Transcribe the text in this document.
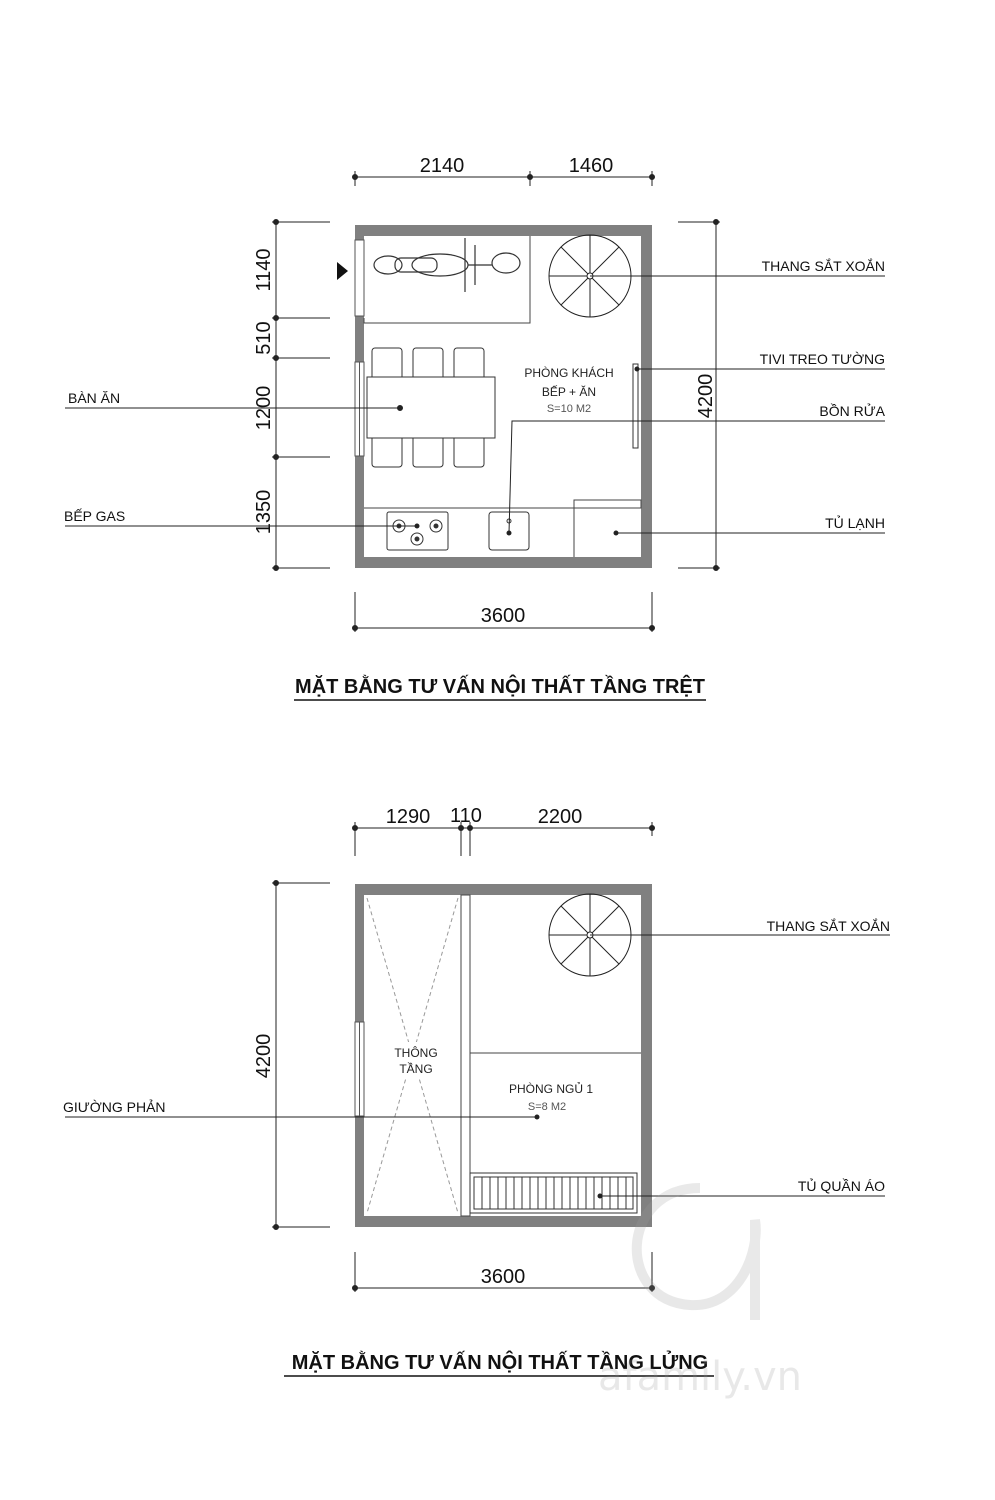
2140	1460
1140
510
1200
1350
4200
3600
PHÒNG KHÁCH
BẾP + ĂN
S=10 M2
THANG SẮT XOẮN
TIVI TREO TƯỜNG
BỒN RỬA
TỦ LẠNH
BÀN ĂN
BẾP GAS
MẶT BẰNG TƯ VẤN NỘI THẤT TẦNG TRỆT
1290 110	2200
4200
3600
THÔNG
TẦNG
PHÒNG NGỦ 1
S=8 M2
THANG SẮT XOẮN
GIƯỜNG PHẢN
TỦ QUẦN ÁO
MẶT BẰNG TƯ VẤN NỘI THẤT TẦNG LỬNG
afamily.vn
